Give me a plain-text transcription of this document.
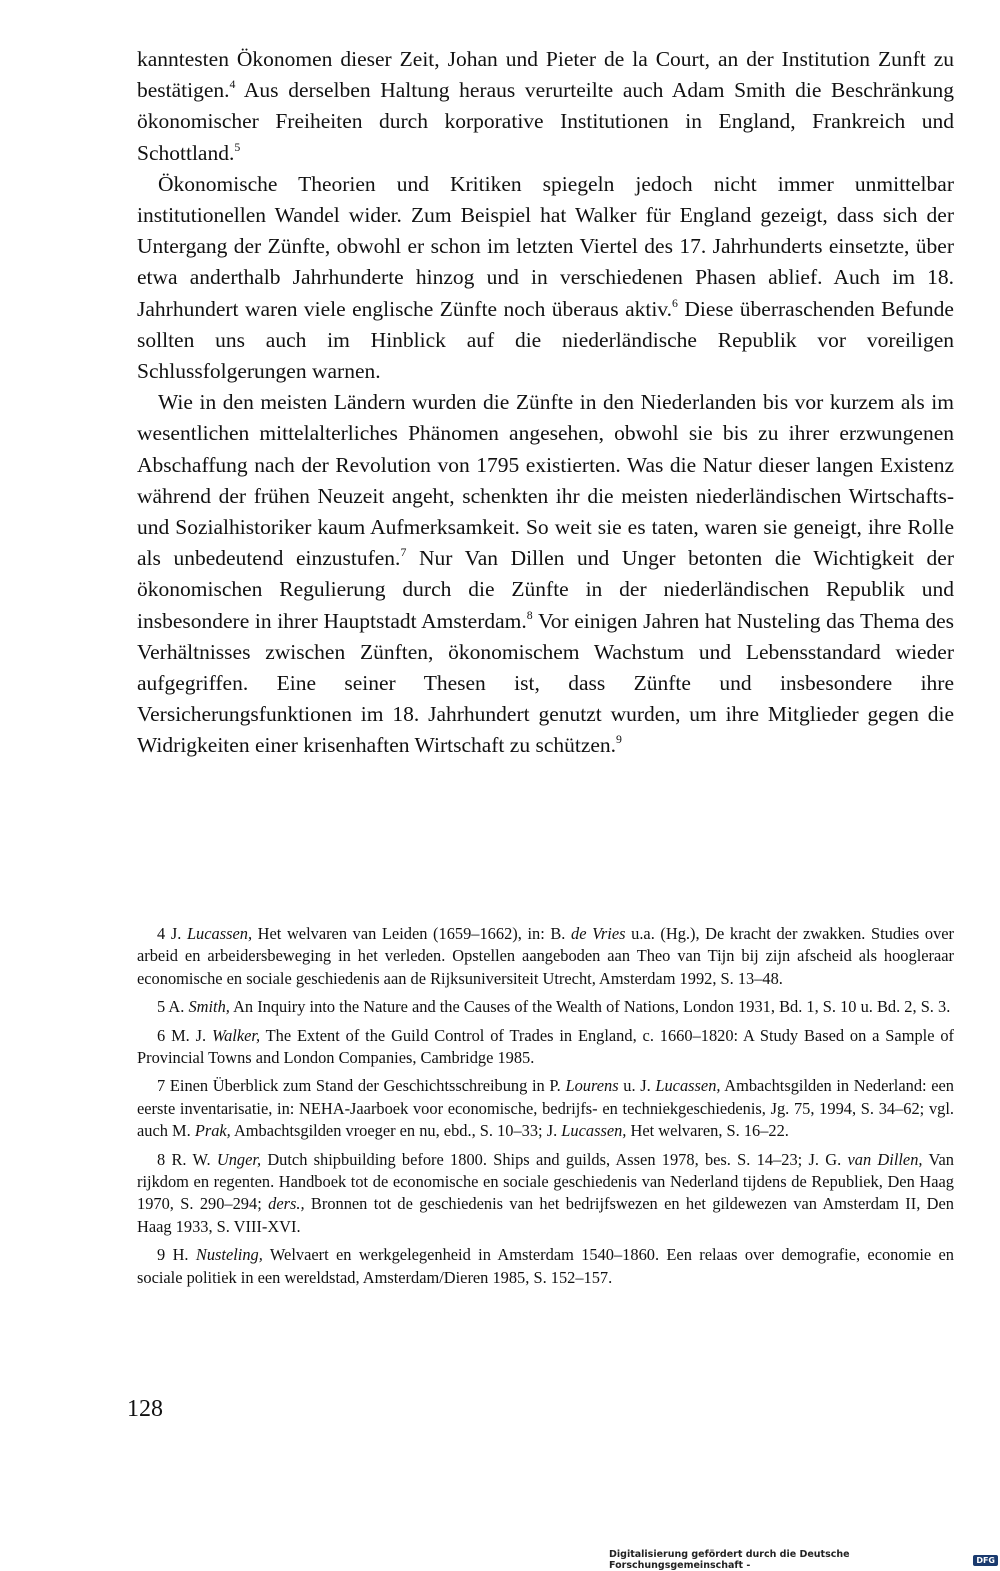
kanntesten Ökonomen dieser Zeit, Johan und Pieter de la Court, an der Institution Zunft zu bestätigen.$^4$ Aus derselben Haltung heraus verurteilte auch Adam Smith die Beschränkung ökonomischer Freiheiten durch korporative Institutionen in England, Frankreich und Schottland.$^5$

Ökonomische Theorien und Kritiken spiegeln jedoch nicht immer unmittelbar institutionellen Wandel wider. Zum Beispiel hat Walker für England gezeigt, dass sich der Untergang der Zünfte, obwohl er schon im letzten Viertel des 17. Jahrhunderts einsetzte, über etwa anderthalb Jahrhunderte hinzog und in verschiedenen Phasen ablief. Auch im 18. Jahrhundert waren viele englische Zünfte noch überaus aktiv.$^6$ Diese überraschenden Befunde sollten uns auch im Hinblick auf die niederländische Republik vor voreiligen Schlussfolgerungen warnen.

Wie in den meisten Ländern wurden die Zünfte in den Niederlanden bis vor kurzem als im wesentlichen mittelalterliches Phänomen angesehen, obwohl sie bis zu ihrer erzwungenen Abschaffung nach der Revolution von 1795 existierten. Was die Natur dieser langen Existenz während der frühen Neuzeit angeht, schenkten ihr die meisten niederländischen Wirtschafts- und Sozialhistoriker kaum Aufmerksamkeit. So weit sie es taten, waren sie geneigt, ihre Rolle als unbedeutend einzustufen.$^7$ Nur Van Dillen und Unger betonten die Wichtigkeit der ökonomischen Regulierung durch die Zünfte in der niederländischen Republik und insbesondere in ihrer Hauptstadt Amsterdam.$^8$ Vor einigen Jahren hat Nusteling das Thema des Verhältnisses zwischen Zünften, ökonomischem Wachstum und Lebensstandard wieder aufgegriffen. Eine seiner Thesen ist, dass Zünfte und insbesondere ihre Versicherungsfunktionen im 18. Jahrhundert genutzt wurden, um ihre Mitglieder gegen die Widrigkeiten einer krisenhaften Wirtschaft zu schützen.$^9$

4 J. Lucassen, Het welvaren van Leiden (1659–1662), in: B. de Vries u.a. (Hg.), De kracht der zwakken. Studies over arbeid en arbeidersbeweging in het verleden. Opstellen aangeboden aan Theo van Tijn bij zijn afscheid als hoogleraar economische en sociale geschiedenis aan de Rijksuniversiteit Utrecht, Amsterdam 1992, S. 13–48.

5 A. Smith, An Inquiry into the Nature and the Causes of the Wealth of Nations, London 1931, Bd. 1, S. 10 u. Bd. 2, S. 3.

6 M. J. Walker, The Extent of the Guild Control of Trades in England, c. 1660–1820: A Study Based on a Sample of Provincial Towns and London Companies, Cambridge 1985.

7 Einen Überblick zum Stand der Geschichtsschreibung in P. Lourens u. J. Lucassen, Ambachtsgilden in Nederland: een eerste inventarisatie, in: NEHA-Jaarboek voor economische, bedrijfs- en techniekgeschiedenis, Jg. 75, 1994, S. 34–62; vgl. auch M. Prak, Ambachtsgilden vroeger en nu, ebd., S. 10–33; J. Lucassen, Het welvaren, S. 16–22.

8 R. W. Unger, Dutch shipbuilding before 1800. Ships and guilds, Assen 1978, bes. S. 14–23; J. G. van Dillen, Van rijkdom en regenten. Handboek tot de economische en sociale geschiedenis van Nederland tijdens de Republiek, Den Haag 1970, S. 290–294; ders., Bronnen tot de geschiedenis van het bedrijfswezen en het gildewezen van Amsterdam II, Den Haag 1933, S. VIII-XVI.

9 H. Nusteling, Welvaert en werkgelegenheid in Amsterdam 1540–1860. Een relaas over demografie, economie en sociale politiek in een wereldstad, Amsterdam/Dieren 1985, S. 152–157.

128
Digitalisierung gefördert durch die Deutsche Forschungsgemeinschaft -	DFG
